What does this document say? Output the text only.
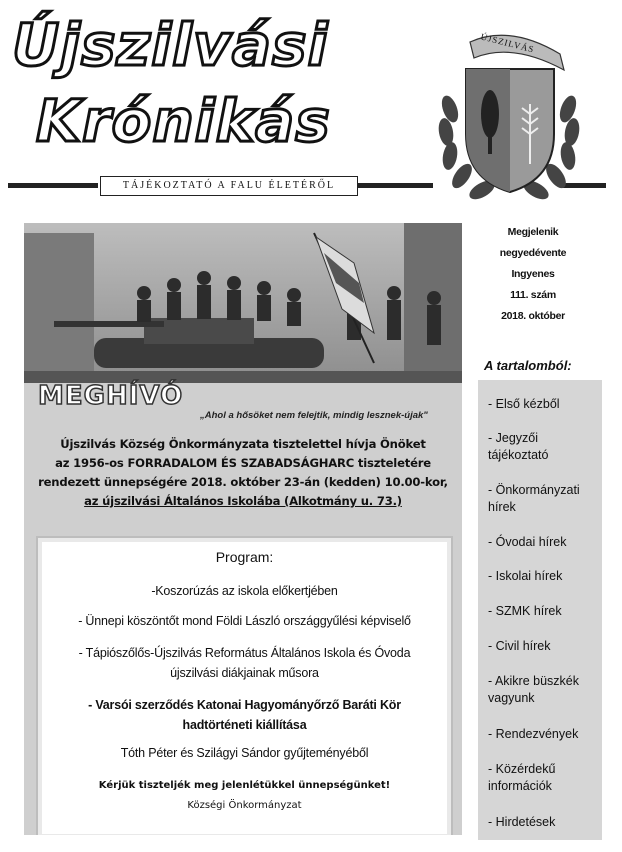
Újszilvási
Krónikás
TÁJÉKOZTATÓ A FALU ÉLETÉRŐL
ÚJSZILVÁS
Megjelenik
negyedévente
Ingyenes
111. szám
2018. október
A tartalomból:
- Első kézből
- Jegyzői tájékoztató
- Önkormányzati hírek
- Óvodai hírek
- Iskolai hírek
- SZMK hírek
- Civil hírek
- Akikre büszkék vagyunk
- Rendezvények
- Közérdekű információk
- Hirdetések
MEGHÍVÓ
„Ahol a hősöket nem felejtik, mindig lesznek-újak"
Újszilvás Község Önkormányzata tisztelettel hívja Önöket
az 1956-os FORRADALOM ÉS SZABADSÁGHARC tiszteletére
rendezett ünnepségére 2018. október 23-án (kedden) 10.00-kor,
az újszilvási Általános Iskolába (Alkotmány u. 73.)
Program:
-Koszorúzás az iskola előkertjében
- Ünnepi köszöntőt mond Földi László országgyűlési képviselő
- Tápiószőlős-Újszilvás Református Általános Iskola és Óvoda
újszilvási diákjainak műsora
- Varsói szerződés Katonai Hagyományőrző Baráti Kör
hadtörténeti kiállítása
Tóth Péter és Szilágyi Sándor gyűjteményéből
Kérjük tiszteljék meg jelenlétükkel ünnepségünket!
Községi Önkormányzat
